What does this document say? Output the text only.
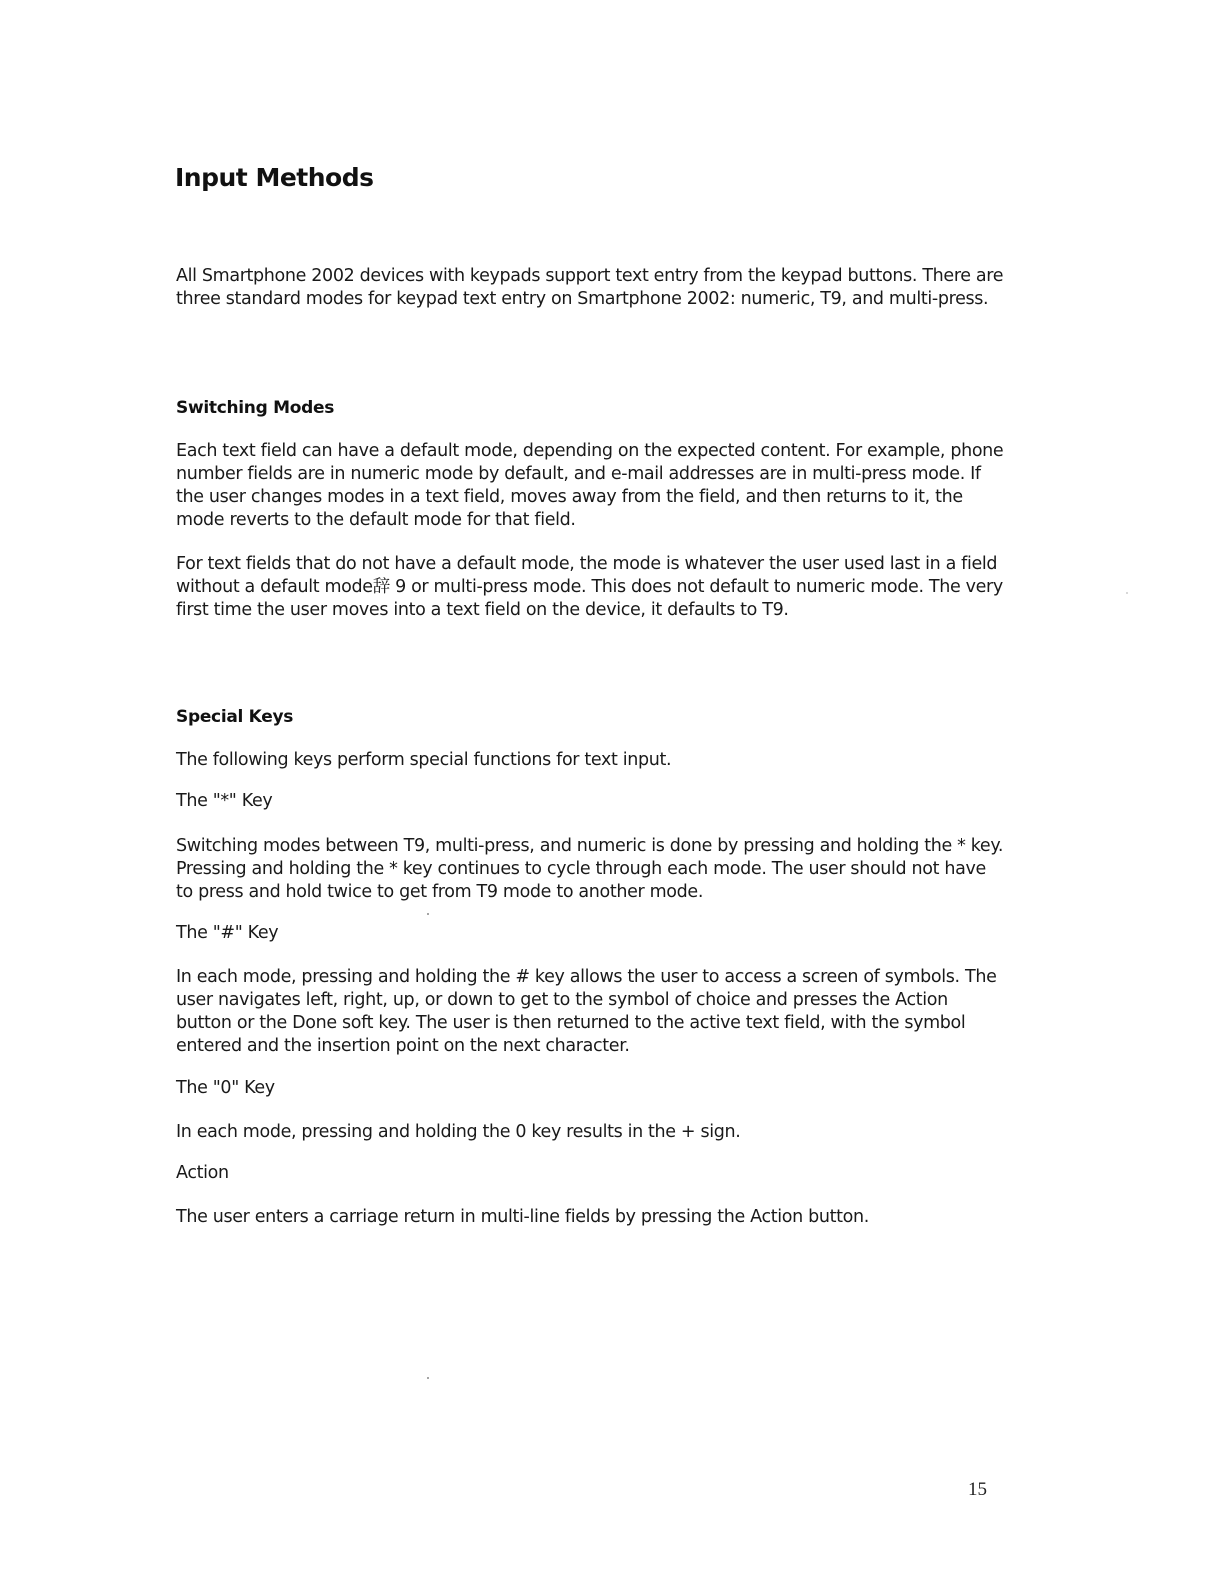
Input Methods

All Smartphone 2002 devices with keypads support text entry from the keypad buttons. There are three standard modes for keypad text entry on Smartphone 2002: numeric, T9, and multi-press.

Switching Modes

Each text field can have a default mode, depending on the expected content. For example, phone number fields are in numeric mode by default, and e-mail addresses are in multi-press mode. If the user changes modes in a text field, moves away from the field, and then returns to it, the mode reverts to the default mode for that field.

For text fields that do not have a default mode, the mode is whatever the user used last in a field without a default mode辞 9 or multi-press mode. This does not default to numeric mode. The very first time the user moves into a text field on the device, it defaults to T9.

Special Keys

The following keys perform special functions for text input.

The "*" Key

Switching modes between T9, multi-press, and numeric is done by pressing and holding the * key. Pressing and holding the * key continues to cycle through each mode. The user should not have to press and hold twice to get from T9 mode to another mode.

The "#" Key

In each mode, pressing and holding the # key allows the user to access a screen of symbols. The user navigates left, right, up, or down to get to the symbol of choice and presses the Action button or the Done soft key. The user is then returned to the active text field, with the symbol entered and the insertion point on the next character.

The "0" Key

In each mode, pressing and holding the 0 key results in the + sign.

Action

The user enters a carriage return in multi-line fields by pressing the Action button.

15
